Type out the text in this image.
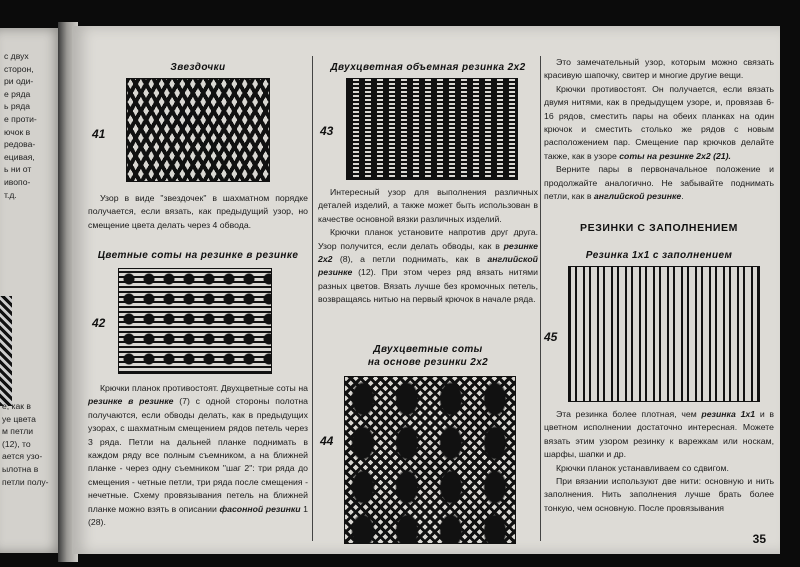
с двух
сторон,
ри оди-
е ряда
ь ряда
е проти-
ючок в
редова-
ецивая,
ь ни от
ивопо-
т.д.
е, как в
уе цвета
м петли
(12), то
ается узо-
ылотна в
петли полу-
Звездочки
41

Узор в виде "звездочек" в шахматном порядке получается, если вязать, как предыдущий узор, но смещение цвета делать через 4 обвода.

Цветные соты на резинке в резинке
42

Крючки планок противостоят. Двухцветные соты на резинке в резинке (7) с одной стороны полотна получаются, если обводы делать, как в предыдущих узорах, с шахматным смещением рядов петель через 3 ряда. Петли на дальней планке поднимать в каждом ряду все полным съемником, а на ближней планке - через одну съемником "шаг 2": три ряда до смещения - четные петли, три ряда после смещения - нечетные. Схему провязывания петель на ближней планке можно взять в описании фасонной резинки 1 (28).

Двухцветная объемная резинка 2х2
43

Интересный узор для выполнения различных деталей изделий, а также может быть использован в качестве основной вязки различных изделий.

Крючки планок установите напротив друг друга. Узор получится, если делать обводы, как в резинке 2х2 (8), а петли поднимать, как в английской резинке (12). При этом через ряд вязать нитями разных цветов. Вязать лучше без кромочных петель, возвращаясь нитью на первый крючок в начале ряда.

Двухцветные соты
на основе резинки 2х2
44

Это замечательный узор, которым можно связать красивую шапочку, свитер и многие другие вещи.

Крючки противостоят. Он получается, если вязать двумя нитями, как в предыдущем узоре, и, провязав 6-16 рядов, сместить пары на обеих планках на один крючок и сместить столько же рядов с новым расположением пар. Смещение пар крючков делайте также, как в узоре соты на резинке 2х2 (21).

Верните пары в первоначальное положение и продолжайте аналогично. Не забывайте поднимать петли, как в английской резинке.

РЕЗИНКИ С ЗАПОЛНЕНИЕМ
Резинка 1х1 с заполнением
45

Эта резинка более плотная, чем резинка 1х1 и в цветном исполнении достаточно интересная. Можете вязать этим узором резинку к варежкам или носкам, шарфы, шапки и др.

Крючки планок устанавливаем со сдвигом.

При вязании используют две нити: основную и нить заполнения. Нить заполнения лучше брать более тонкую, чем основную. После провязывания

35
